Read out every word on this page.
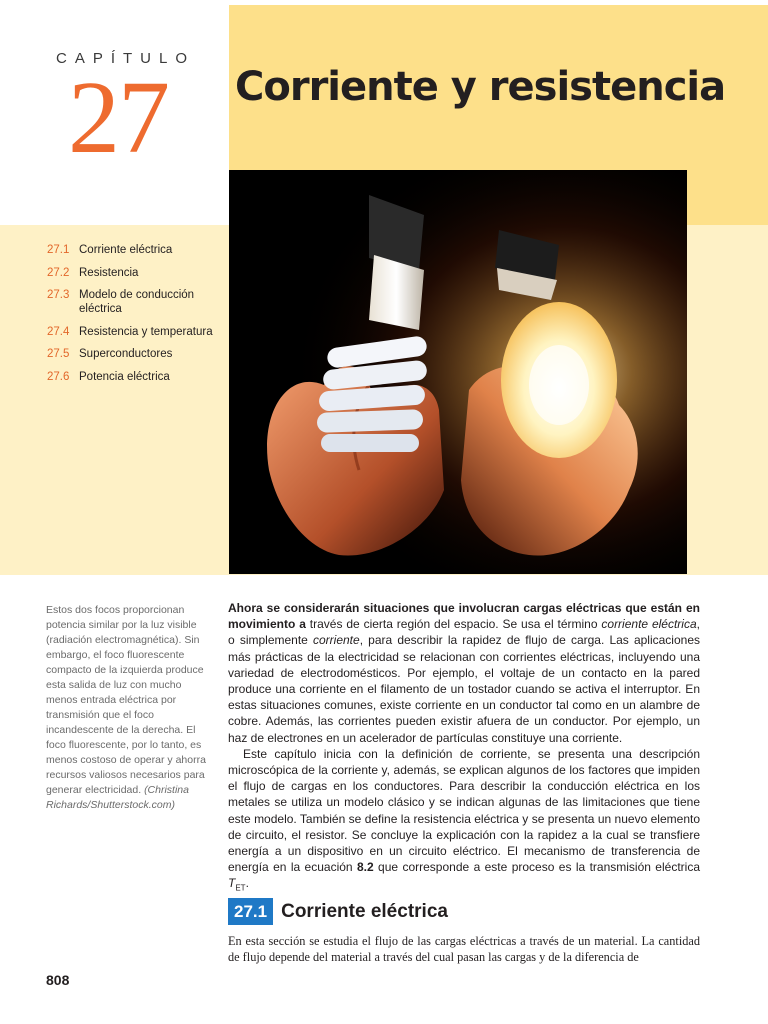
CAPÍTULO
27 Corriente y resistencia
27.1 Corriente eléctrica
27.2 Resistencia
27.3 Modelo de conducción eléctrica
27.4 Resistencia y temperatura
27.5 Superconductores
27.6 Potencia eléctrica
Estos dos focos proporcionan potencia similar por la luz visible (radiación electromagnética). Sin embargo, el foco fluorescente compacto de la izquierda produce esta salida de luz con mucho menos entrada eléctrica por transmisión que el foco incandescente de la derecha. El foco fluorescente, por lo tanto, es menos costoso de operar y ahorra recursos valiosos necesarios para generar electricidad. (Christina Richards/Shutterstock.com)

Ahora se considerarán situaciones que involucran cargas eléctricas que están en movimiento a través de cierta región del espacio. Se usa el término corriente eléctrica, o simplemente corriente, para describir la rapidez de flujo de carga. Las aplicaciones más prácticas de la electricidad se relacionan con corrientes eléctricas, incluyendo una variedad de electrodomésticos. Por ejemplo, el voltaje de un contacto en la pared produce una corriente en el filamento de un tostador cuando se activa el interruptor. En estas situaciones comunes, existe corriente en un conductor tal como en un alambre de cobre. Además, las corrientes pueden existir afuera de un conductor. Por ejemplo, un haz de electrones en un acelerador de partículas constituye una corriente.

Este capítulo inicia con la definición de corriente, se presenta una descripción microscópica de la corriente y, además, se explican algunos de los factores que impiden el flujo de cargas en los conductores. Para describir la conducción eléctrica en los metales se utiliza un modelo clásico y se indican algunas de las limitaciones que tiene este modelo. También se define la resistencia eléctrica y se presenta un nuevo elemento de circuito, el resistor. Se concluye la explicación con la rapidez a la cual se transfiere energía a un dispositivo en un circuito eléctrico. El mecanismo de transferencia de energía en la ecuación 8.2 que corresponde a este proceso es la transmisión eléctrica $T_{ET}$.

27.1 Corriente eléctrica

En esta sección se estudia el flujo de las cargas eléctricas a través de un material. La cantidad de flujo depende del material a través del cual pasan las cargas y de la diferencia de

808
